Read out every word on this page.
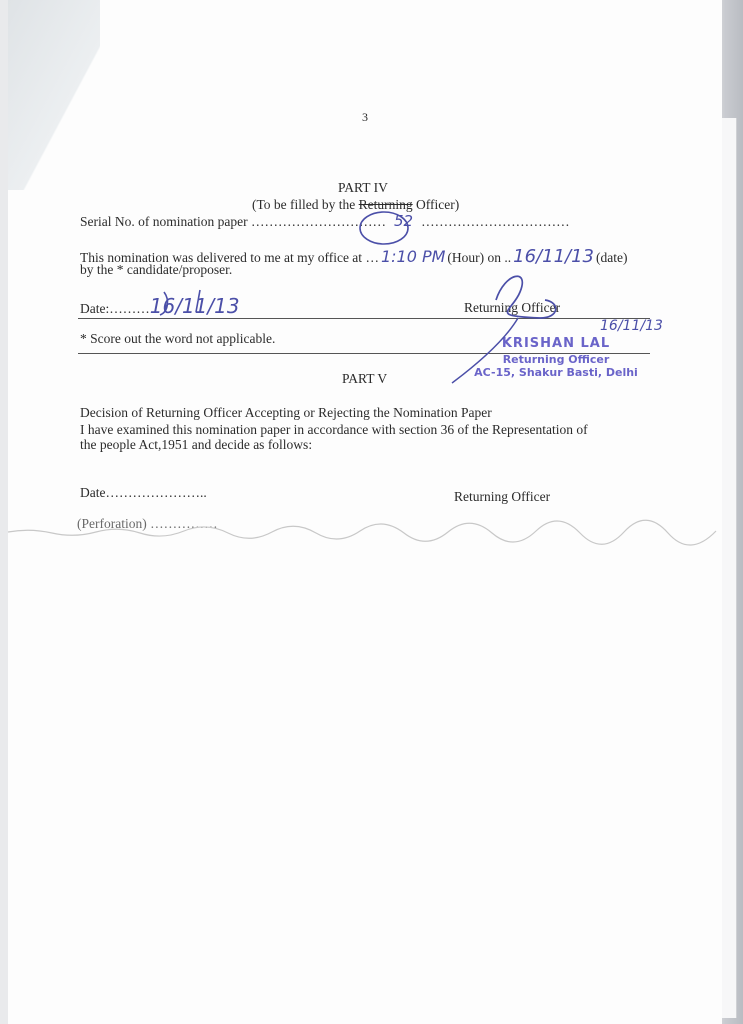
3
PART IV
(To be filled by the Returning Officer)
Serial No. of nomination paper ………………………… 52 ……………………………
This nomination was delivered to me at my office at … 1:10 PM (Hour) on .. 16/11/13 (date)
by the * candidate/proposer.
Date:………16/11/13	Returning Officer
* Score out the word not applicable.
16/11/13
KRISHAN LAL
Returning Officer
AC-15, Shakur Basti, Delhi
PART V
Decision of Returning Officer Accepting or Rejecting the Nomination Paper
I have examined this nomination paper in accordance with section 36 of the Representation of
the people Act,1951 and decide as follows:
Date…………………..	Returning Officer
(Perforation) ……………
